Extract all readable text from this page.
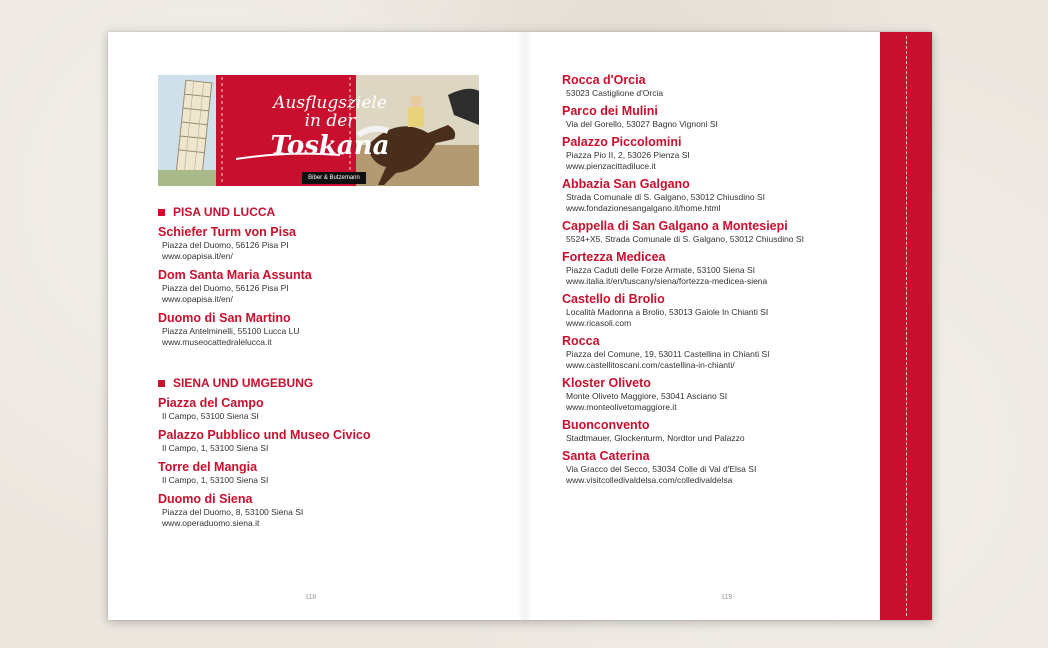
Ausflugsziele
in der
Toskana
Biber & Butzemann
PISA UND LUCCA

Schiefer Turm von Pisa

Piazza del Duomo, 56126 Pisa PI

www.opapisa.it/en/

Dom Santa Maria Assunta

Piazza del Duomo, 56126 Pisa PI

www.opapisa.it/en/

Duomo di San Martino

Piazza Antelminelli, 55100 Lucca LU

www.museocattedralelucca.it

SIENA UND UMGEBUNG

Piazza del Campo

Il Campo, 53100 Siena SI

Palazzo Pubblico und Museo Civico

Il Campo, 1, 53100 Siena SI

Torre del Mangia

Il Campo, 1, 53100 Siena SI

Duomo di Siena

Piazza del Duomo, 8, 53100 Siena SI

www.operaduomo.siena.it

Rocca d'Orcia

53023 Castiglione d'Orcia

Parco dei Mulini

Via del Gorello, 53027 Bagno Vignoni SI

Palazzo Piccolomini

Piazza Pio II, 2, 53026 Pienza SI

www.pienzacittadiluce.it

Abbazia San Galgano

Strada Comunale di S. Galgano, 53012 Chiusdino SI

www.fondazionesangalgano.it/home.html

Cappella di San Galgano a Montesiepi

5524+X5, Strada Comunale di S. Galgano, 53012 Chiusdino SI

Fortezza Medicea

Piazza Caduti delle Forze Armate, 53100 Siena SI

www.italia.it/en/tuscany/siena/fortezza-medicea-siena

Castello di Brolio

Località Madonna a Brolio, 53013 Gaiole In Chianti SI

www.ricasoli.com

Rocca

Piazza del Comune, 19, 53011 Castellina in Chianti SI

www.castellitoscani.com/castellina-in-chianti/

Kloster Oliveto

Monte Oliveto Maggiore, 53041 Asciano SI

www.monteolivetomaggiore.it

Buonconvento

Stadtmauer, Glockenturm, Nordtor und Palazzo

Santa Caterina

Via Gracco del Secco, 53034 Colle di Val d'Elsa SI

www.visitcolledivaldelsa.com/colledivaldelsa

118	119
